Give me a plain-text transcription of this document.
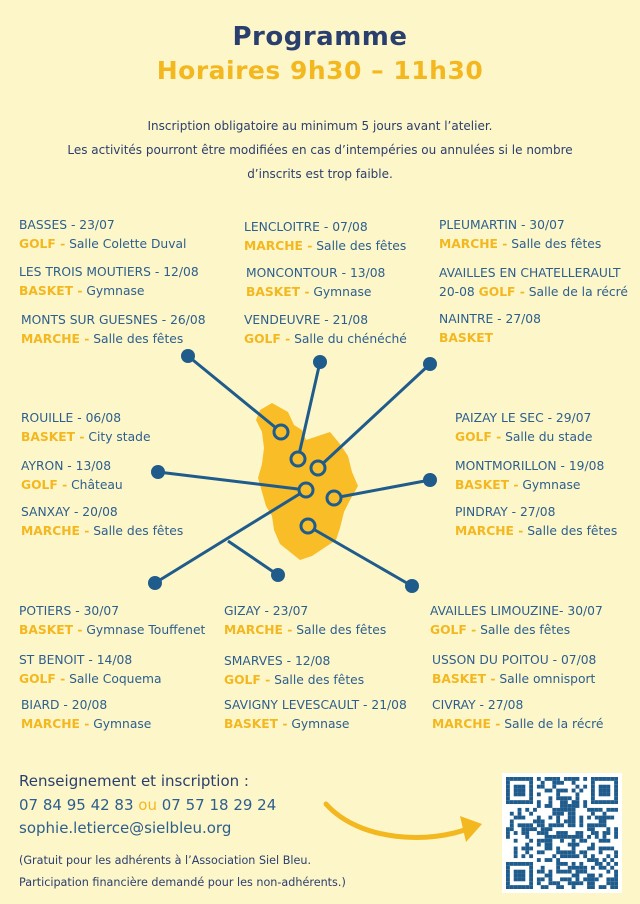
Programme
Horaires 9h30 – 11h30
Inscription obligatoire au minimum 5 jours avant l’atelier.
Les activités pourront être modifiées en cas d’intempéries ou annulées si le nombre
d’inscrits est trop faible.
BASSES - 23/07
GOLF - Salle Colette Duval
LENCLOITRE - 07/08
MARCHE - Salle des fêtes
PLEUMARTIN - 30/07
MARCHE - Salle des fêtes
LES TROIS MOUTIERS - 12/08
BASKET - Gymnase
MONCONTOUR - 13/08
BASKET - Gymnase
AVAILLES EN CHATELLERAULT
20-08 GOLF - Salle de la récré
MONTS SUR GUESNES - 26/08
MARCHE - Salle des fêtes
VENDEUVRE - 21/08
GOLF - Salle du chénéché
NAINTRE - 27/08
BASKET
ROUILLE - 06/08
BASKET - City stade
PAIZAY LE SEC - 29/07
GOLF - Salle du stade
AYRON - 13/08
GOLF - Château
MONTMORILLON - 19/08
BASKET - Gymnase
SANXAY - 20/08
MARCHE - Salle des fêtes
PINDRAY - 27/08
MARCHE - Salle des fêtes
POTIERS - 30/07
BASKET - Gymnase Touffenet
GIZAY - 23/07
MARCHE - Salle des fêtes
AVAILLES LIMOUZINE- 30/07
GOLF - Salle des fêtes
ST BENOIT - 14/08
GOLF - Salle Coquema
SMARVES - 12/08
GOLF - Salle des fêtes
USSON DU POITOU - 07/08
BASKET - Salle omnisport
BIARD - 20/08
MARCHE - Gymnase
SAVIGNY LEVESCAULT - 21/08
BASKET - Gymnase
CIVRAY - 27/08
MARCHE - Salle de la récré
Renseignement et inscription :
07 84 95 42 83 ou 07 57 18 29 24
sophie.letierce@sielbleu.org
(Gratuit pour les adhérents à l’Association Siel Bleu.
Participation financière demandé pour les non-adhérents.)
